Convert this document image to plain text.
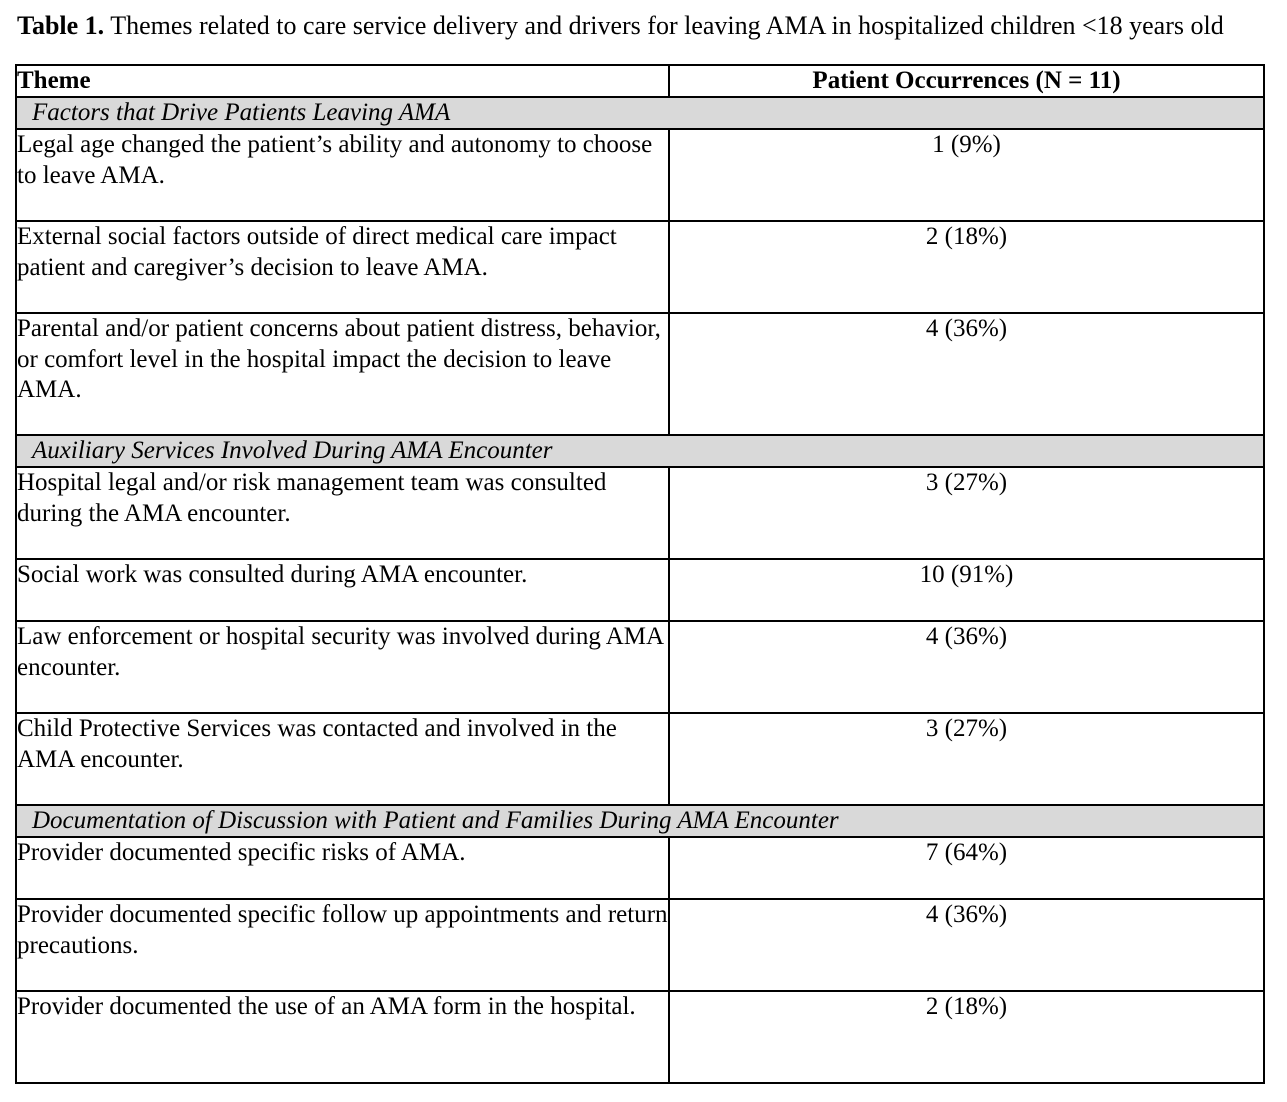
Table 1. Themes related to care service delivery and drivers for leaving AMA in hospitalized children <18 years old
Theme	Patient Occurrences (N = 11)
Factors that Drive Patients Leaving AMA	
Legal age changed the patient’s ability and autonomy to choose to leave AMA.	1 (9%)
External social factors outside of direct medical care impact patient and caregiver’s decision to leave AMA.	2 (18%)
Parental and/or patient concerns about patient distress, behavior, or comfort level in the hospital impact the decision to leave AMA.	4 (36%)
Auxiliary Services Involved During AMA Encounter	
Hospital legal and/or risk management team was consulted during the AMA encounter.	3 (27%)
Social work was consulted during AMA encounter.	10 (91%)
Law enforcement or hospital security was involved during AMA encounter.	4 (36%)
Child Protective Services was contacted and involved in the AMA encounter.	3 (27%)
Documentation of Discussion with Patient and Families During AMA Encounter	
Provider documented specific risks of AMA.	7 (64%)
Provider documented specific follow up appointments and return precautions.	4 (36%)
Provider documented the use of an AMA form in the hospital.	2 (18%)
